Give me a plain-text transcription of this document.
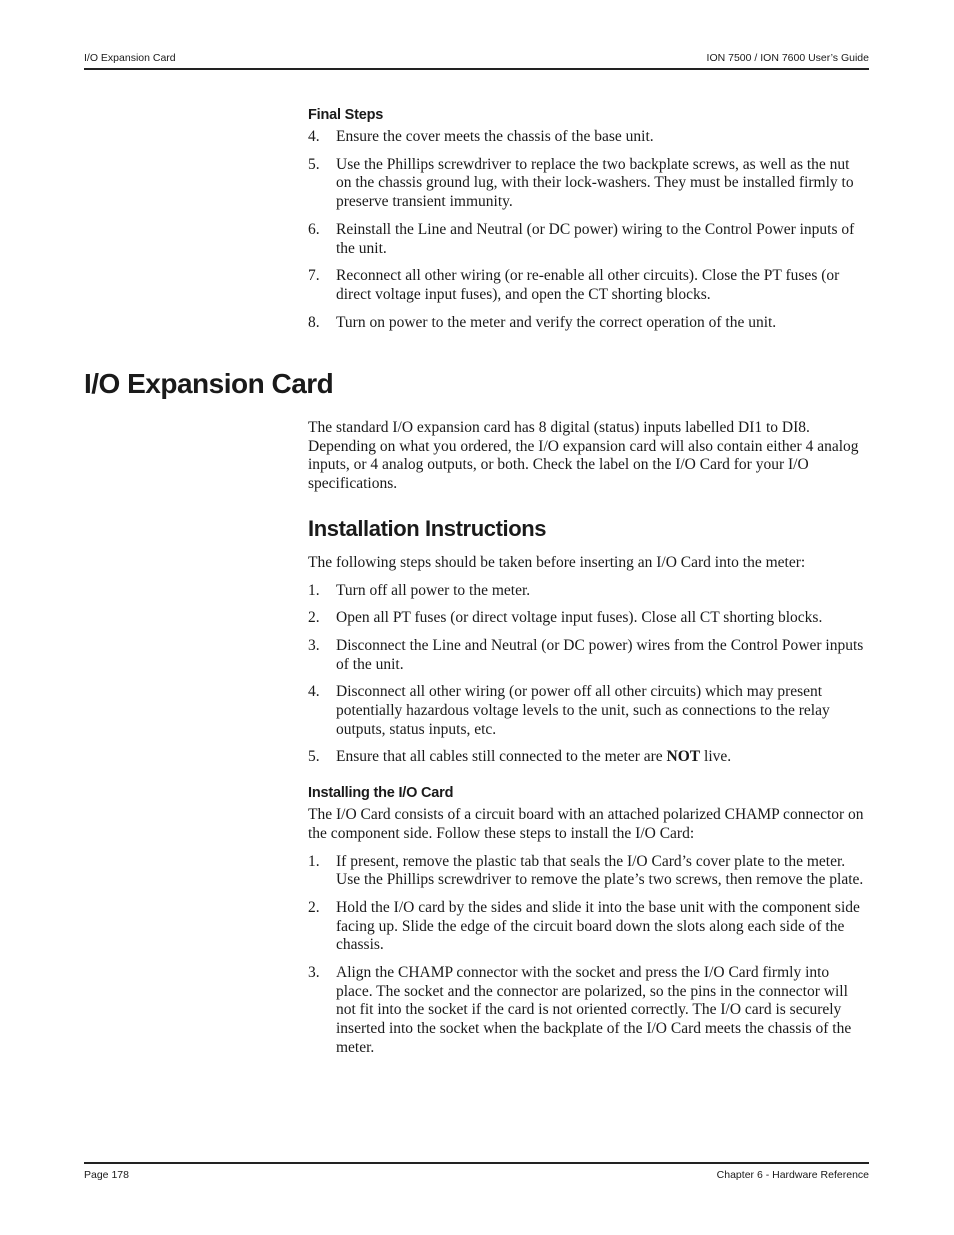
I/O Expansion Card	ION 7500 / ION 7600 User’s Guide
Final Steps
4. Ensure the cover meets the chassis of the base unit.
5. Use the Phillips screwdriver to replace the two backplate screws, as well as the nut on the chassis ground lug, with their lock-washers. They must be installed firmly to preserve transient immunity.
6. Reinstall the Line and Neutral (or DC power) wiring to the Control Power inputs of the unit.
7. Reconnect all other wiring (or re-enable all other circuits). Close the PT fuses (or direct voltage input fuses), and open the CT shorting blocks.
8. Turn on power to the meter and verify the correct operation of the unit.
I/O Expansion Card

The standard I/O expansion card has 8 digital (status) inputs labelled DI1 to DI8. Depending on what you ordered, the I/O expansion card will also contain either 4 analog inputs, or 4 analog outputs, or both. Check the label on the I/O Card for your I/O specifications.

Installation Instructions

The following steps should be taken before inserting an I/O Card into the meter:

1. Turn off all power to the meter.
2. Open all PT fuses (or direct voltage input fuses). Close all CT shorting blocks.
3. Disconnect the Line and Neutral (or DC power) wires from the Control Power inputs of the unit.
4. Disconnect all other wiring (or power off all other circuits) which may present potentially hazardous voltage levels to the unit, such as connections to the relay outputs, status inputs, etc.
5. Ensure that all cables still connected to the meter are NOT live.
Installing the I/O Card

The I/O Card consists of a circuit board with an attached polarized CHAMP connector on the component side. Follow these steps to install the I/O Card:

1. If present, remove the plastic tab that seals the I/O Card’s cover plate to the meter. Use the Phillips screwdriver to remove the plate’s two screws, then remove the plate.
2. Hold the I/O card by the sides and slide it into the base unit with the component side facing up. Slide the edge of the circuit board down the slots along each side of the chassis.
3. Align the CHAMP connector with the socket and press the I/O Card firmly into place. The socket and the connector are polarized, so the pins in the connector will not fit into the socket if the card is not oriented correctly. The I/O card is securely inserted into the socket when the backplate of the I/O Card meets the chassis of the meter.
Page 178	Chapter 6 - Hardware Reference
